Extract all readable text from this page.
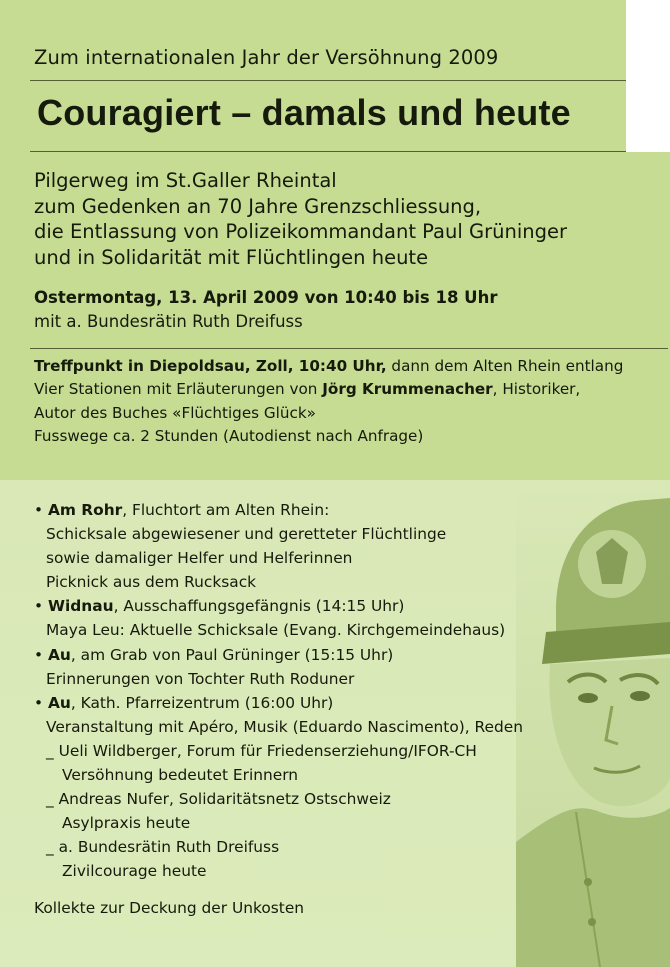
Zum internationalen Jahr der Versöhnung 2009
Couragiert – damals und heute
Pilgerweg im St.Galler Rheintal
zum Gedenken an 70 Jahre Grenzschliessung,
die Entlassung von Polizeikommandant Paul Grüninger
und in Solidarität mit Flüchtlingen heute
Ostermontag, 13. April 2009 von 10:40 bis 18 Uhr
mit a. Bundesrätin Ruth Dreifuss
Treffpunkt in Diepoldsau, Zoll, 10:40 Uhr, dann dem Alten Rhein entlang
Vier Stationen mit Erläuterungen von Jörg Krummenacher, Historiker,
Autor des Buches «Flüchtiges Glück»
Fusswege ca. 2 Stunden (Autodienst nach Anfrage)
• Am Rohr, Fluchtort am Alten Rhein:
Schicksale abgewiesener und geretteter Flüchtlinge
sowie damaliger Helfer und Helferinnen
Picknick aus dem Rucksack
• Widnau, Ausschaffungsgefängnis (14:15 Uhr)
Maya Leu: Aktuelle Schicksale (Evang. Kirchgemeindehaus)
• Au, am Grab von Paul Grüninger (15:15 Uhr)
Erinnerungen von Tochter Ruth Roduner
• Au, Kath. Pfarreizentrum (16:00 Uhr)
Veranstaltung mit Apéro, Musik (Eduardo Nascimento), Reden
_ Ueli Wildberger, Forum für Friedenserziehung/IFOR-CH
Versöhnung bedeutet Erinnern
_ Andreas Nufer, Solidaritätsnetz Ostschweiz
Asylpraxis heute
_ a. Bundesrätin Ruth Dreifuss
Zivilcourage heute
Kollekte zur Deckung der Unkosten
